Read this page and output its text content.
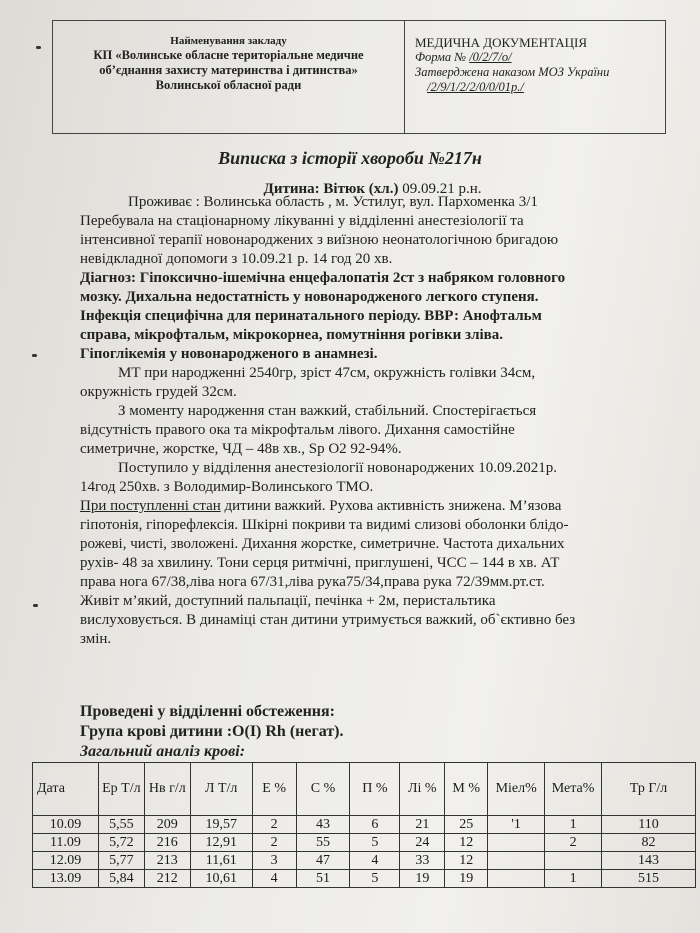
Найменування закладу
КП «Волинське обласне територіальне медичне об’єднання захисту материнства і дитинства» Волинської обласної ради
МЕДИЧНА ДОКУМЕНТАЦІЯ
Форма № /0/2/7/о/
Затверджена наказом МОЗ України
/2/9/1/2/2/0/0/01р./
Виписка з історії хвороби №217н
Дитина: Вітюк (хл.) 09.09.21 р.н.

Проживає : Волинська область , м. Устилуг, вул. Пархоменка 3/1

Перебувала на стаціонарному лікуванні у відділенні анестезіології та

інтенсивної терапії новонароджених з виїзною неонатологічною бригадою

невідкладної допомоги з 10.09.21 р. 14 год 20 хв.

Діагноз: Гіпоксично-ішемічна енцефалопатія 2ст з набряком головного

мозку. Дихальна недостатність у новонародженого легкого ступеня.

Інфекція специфічна для перинатального періоду. ВВР: Анофтальм

справа, мікрофтальм, мікрокорнеа, помутніння рогівки зліва.

Гіпоглікемія у новонародженого в анамнезі.

МТ при народженні 2540гр, зріст 47см, окружність голівки 34см,

окружність грудей 32см.

З моменту народження стан важкий, стабільний. Спостерігається

відсутність правого ока та мікрофтальм лівого. Дихання самостійне

симетричне, жорстке, ЧД – 48в хв., Sp O2 92-94%.

Поступило у відділення анестезіології новонароджених 10.09.2021р.

14год 250хв. з Володимир-Волинського ТМО.

При поступленні стан дитини важкий. Рухова активність знижена. М’язова

гіпотонія, гіпорефлексія. Шкірні покриви та видимі слизові оболонки блідо-

рожеві, чисті, зволожені. Дихання жорстке, симетричне. Частота дихальних

рухів- 48 за хвилину. Тони серця ритмічні, приглушені, ЧСС – 144 в хв. АТ

права нога 67/38,ліва нога 67/31,ліва рука75/34,права рука 72/39мм.рт.ст.

Живіт м’який, доступний пальпації, печінка + 2м, перистальтика

вислуховується. В динаміці стан дитини утримується важкий, об`єктивно без

змін.

Проведені у відділенні обстеження:
Група крові дитини :О(І) Rh (негат).
Загальний аналіз крові:
Дата	Ер Т/л	Нв г/л	Л Т/л	Е %	С %	П %	Лі %	М %	Міел%	Мета%	Тр Г/л
10.09	5,55	209	19,57	2	43	6	21	25	'1	1	110
11.09	5,72	216	12,91	2	55	5	24	12		2	82
12.09	5,77	213	11,61	3	47	4	33	12			143
13.09	5,84	212	10,61	4	51	5	19	19		1	515
